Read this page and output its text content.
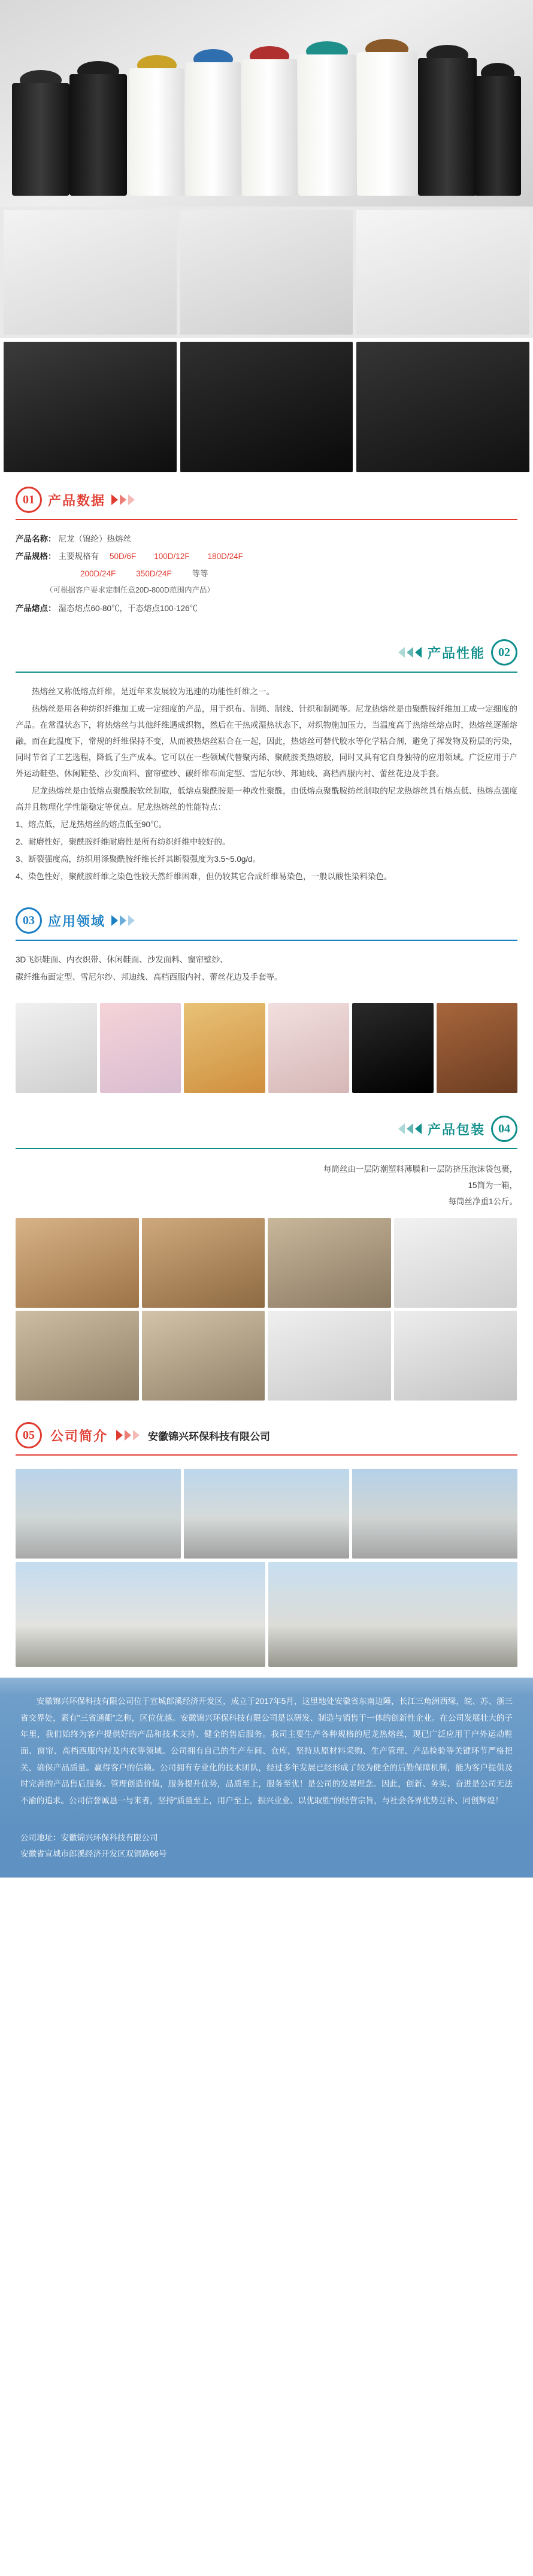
01	产品数据

产品名称： 尼龙（锦纶）热熔丝

产品规格： 主要规格有 50D/6F 100D/12F 180D/24F

200D/24F	350D/24F	等等

（可根据客户要求定制任意20D-800D范围内产品）

产品熔点： 湿态熔点60-80℃，干态熔点100-126℃

产品性能	02

热熔丝又称低熔点纤维，是近年来发展较为迅速的功能性纤维之一。

热熔丝是用各种纺织纤维加工成一定细度的产品，用于织布、制绳、制线、针织和制绳等。尼龙热熔丝是由聚酰胺纤维加工成一定细度的产品。在常温状态下，将热熔丝与其他纤维遇成织物，然后在干热或湿热状态下，对织物施加压力，当温度高于热熔丝熔点时，热熔丝逐渐熔融，而在此温度下，常规的纤维保持不变，从而被热熔丝粘合在一起，因此，热熔丝可替代胶水等化学粘合剂，避免了挥发物及粉层的污染，同时节省了工艺选程，降低了生产成本。它可以在一些领域代替聚丙烯、聚酰胺类热熔胶，同时又具有它自身独特的应用领域。广泛应用于户外运动鞋垫、休闲鞋垫、沙发面料、窗帘壁纱、碳纤维布面定型、雪尼尔纱、邦迪线、高档西服内衬、蕾丝花边及手套。

尼龙热熔丝是由低熔点聚酰胺软丝制取，低熔点聚酰胺是一种改性聚酰，由低熔点聚酰胺纺丝制取的尼龙热熔丝具有熔点低、热熔点强度高并且物理化学性能稳定等优点。尼龙热熔丝的性能特点：

1、熔点低，尼龙热熔丝的熔点低至90℃。

2、耐磨性好，聚酰胺纤维耐磨性是所有纺织纤维中较好的。

3、断裂强度高，纺织用涤聚酰胺纤维长纤其断裂强度为3.5~5.0g/d。

4、染色性好，聚酰胺纤维之染色性较天然纤维困难，但仍较其它合成纤维易染色，一般以酸性染料染色。

03	应用领域

3D飞织鞋面、内衣织带、休闲鞋面、沙发面料、窗帘壁纱、

碳纤维布面定型、雪尼尔纱、邦迪线、高档西服内衬、蕾丝花边及手套等。

产品包装	04
每筒丝由一层防潮塑料薄膜和一层防挤压泡沫袋包裹，
15筒为一箱，
每筒丝净重1公斤。
05	公司简介	安徽锦兴环保科技有限公司

安徽锦兴环保科技有限公司位于宣城郎溪经济开发区，成立于2017年5月，这里地处安徽省东南边陲，长江三角洲西缘，皖、苏、浙三省交界处，素有"三省通衢"之称，区位优越。安徽锦兴环保科技有限公司是以研发、制造与销售于一体的创新性企业。在公司发展壮大的子年里，我们始终为客户提供好的产品和技术支持、健全的售后服务。我司主要生产各种规格的尼龙热熔丝，现已广泛应用于户外运动鞋面、窗帘、高档西服内衬及内衣等领域。公司拥有自己的生产车间、仓库，坚持从原材料采购、生产管理、产品检验等关键环节严格把关，确保产品质量。赢得客户的信赖。公司拥有专业化的技术团队，经过多年发展已经形成了较为健全的后勤保障机制，能为客户提供及时完善的产品售后服务。管理创造价值，服务提升优势，品质至上，服务至优！是公司的发展理念。因此，创新、务实、奋进是公司无法不渝的追求。公司信誉诚恳一与来者，坚持"质量至上，用户至上，振兴业业、以优取胜"的经营宗旨，与社会各界优势互补、同创辉煌！

公司地址：安徽锦兴环保科技有限公司
安徽省宣城市郎溪经济开发区双铜路66号
